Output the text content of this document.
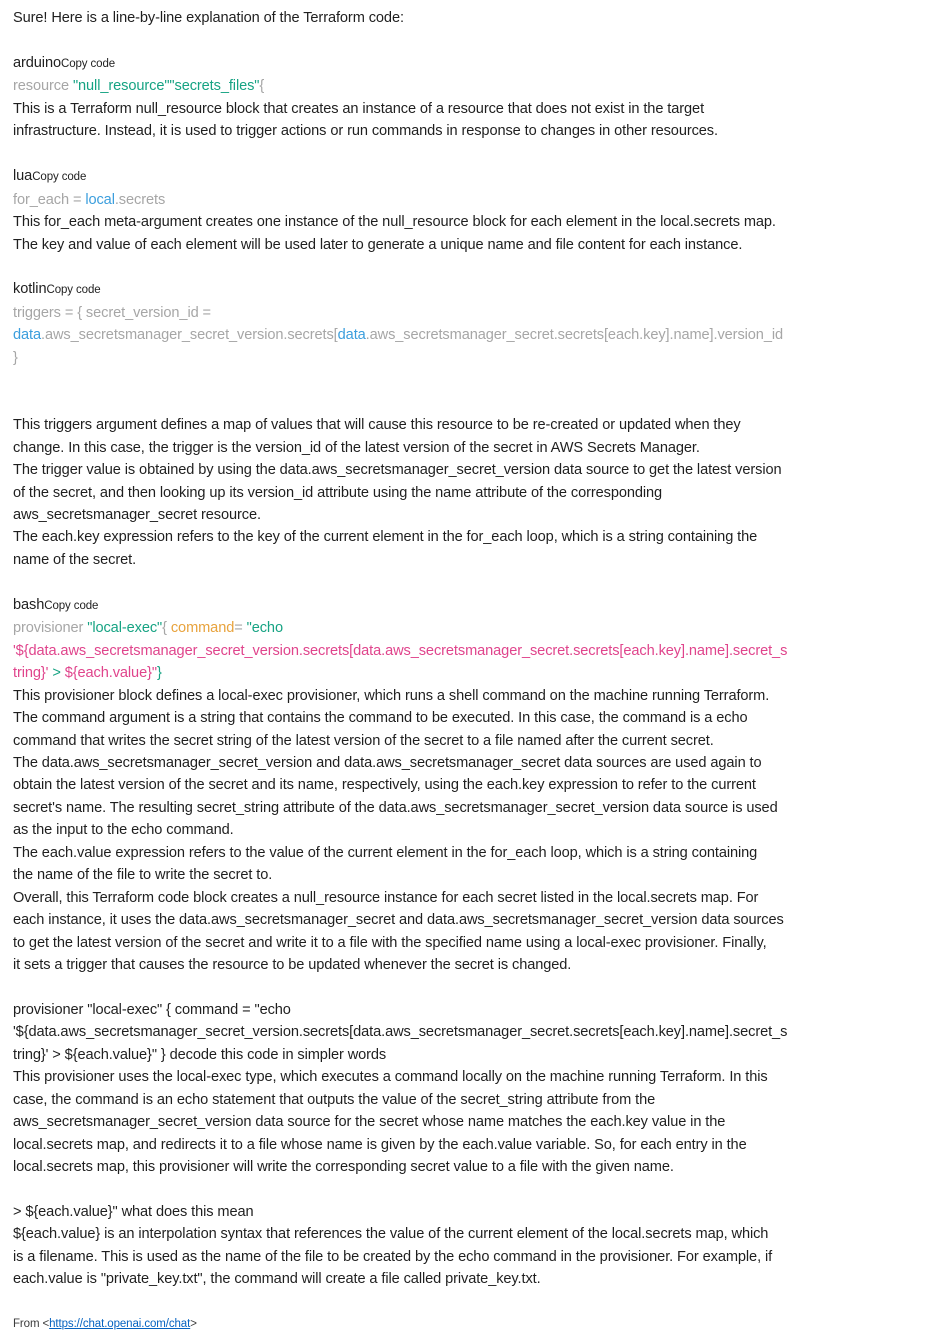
Sure! Here is a line-by-line explanation of the Terraform code:

arduinoCopy code
resource "null_resource""secrets_files"{
This is a Terraform null_resource block that creates an instance of a resource that does not exist in the target
infrastructure. Instead, it is used to trigger actions or run commands in response to changes in other resources.

luaCopy code
for_each = local.secrets
This for_each meta-argument creates one instance of the null_resource block for each element in the local.secrets map.
The key and value of each element will be used later to generate a unique name and file content for each instance.

kotlinCopy code
triggers = { secret_version_id =
data.aws_secretsmanager_secret_version.secrets[data.aws_secretsmanager_secret.secrets[each.key].name].version_id
}

This triggers argument defines a map of values that will cause this resource to be re-created or updated when they
change. In this case, the trigger is the version_id of the latest version of the secret in AWS Secrets Manager.
The trigger value is obtained by using the data.aws_secretsmanager_secret_version data source to get the latest version
of the secret, and then looking up its version_id attribute using the name attribute of the corresponding
aws_secretsmanager_secret resource.
The each.key expression refers to the key of the current element in the for_each loop, which is a string containing the
name of the secret.

bashCopy code
provisioner "local-exec"{ command= "echo
'${data.aws_secretsmanager_secret_version.secrets[data.aws_secretsmanager_secret.secrets[each.key].name].secret_s
tring}' > ${each.value}"}
This provisioner block defines a local-exec provisioner, which runs a shell command on the machine running Terraform.
The command argument is a string that contains the command to be executed. In this case, the command is a echo
command that writes the secret string of the latest version of the secret to a file named after the current secret.
The data.aws_secretsmanager_secret_version and data.aws_secretsmanager_secret data sources are used again to
obtain the latest version of the secret and its name, respectively, using the each.key expression to refer to the current
secret's name. The resulting secret_string attribute of the data.aws_secretsmanager_secret_version data source is used
as the input to the echo command.
The each.value expression refers to the value of the current element in the for_each loop, which is a string containing
the name of the file to write the secret to.
Overall, this Terraform code block creates a null_resource instance for each secret listed in the local.secrets map. For
each instance, it uses the data.aws_secretsmanager_secret and data.aws_secretsmanager_secret_version data sources
to get the latest version of the secret and write it to a file with the specified name using a local-exec provisioner. Finally,
it sets a trigger that causes the resource to be updated whenever the secret is changed.

provisioner "local-exec" { command = "echo
'${data.aws_secretsmanager_secret_version.secrets[data.aws_secretsmanager_secret.secrets[each.key].name].secret_s
tring}' > ${each.value}" } decode this code in simpler words
This provisioner uses the local-exec type, which executes a command locally on the machine running Terraform. In this
case, the command is an echo statement that outputs the value of the secret_string attribute from the
aws_secretsmanager_secret_version data source for the secret whose name matches the each.key value in the
local.secrets map, and redirects it to a file whose name is given by the each.value variable. So, for each entry in the
local.secrets map, this provisioner will write the corresponding secret value to a file with the given name.

> ${each.value}" what does this mean
${each.value} is an interpolation syntax that references the value of the current element of the local.secrets map, which
is a filename. This is used as the name of the file to be created by the echo command in the provisioner. For example, if
each.value is "private_key.txt", the command will create a file called private_key.txt.

From <https://chat.openai.com/chat>
